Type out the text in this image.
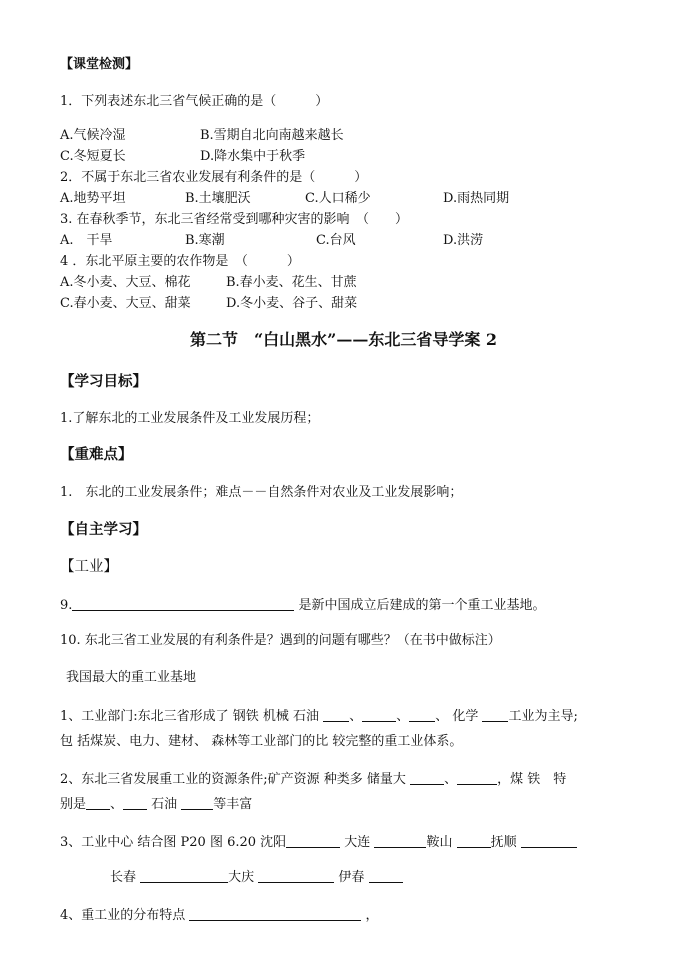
【课堂检测】
1．下列表述东北三省气候正确的是（　　　）
A.气候冷湿	B.雪期自北向南越来越长
C.冬短夏长	D.降水集中于秋季
2．不属于东北三省农业发展有利条件的是（　　　）
A.地势平坦	B.土壤肥沃	C.人口稀少	D.雨热同期
3. 在春秋季节，东北三省经常受到哪种灾害的影响　（　　）
A.　干旱	B.寒潮	C.台风	D.洪涝
4 ．东北平原主要的农作物是　（　　　）
A.冬小麦、大豆、棉花	B.春小麦、花生、甘蔗
C.春小麦、大豆、甜菜	D.冬小麦、谷子、甜菜
第二节　“白山黑水”——东北三省导学案 2
【学习目标】
1.了解东北的工业发展条件及工业发展历程；
【重难点】
1.　东北的工业发展条件；难点－－自然条件对农业及工业发展影响；
【自主学习】
【工业】
9.	是新中国成立后建成的第一个重工业基地。
10. 东北三省工业发展的有利条件是？遇到的问题有哪些？（在书中做标注）
我国最大的重工业基地
1、工业部门:东北三省形成了 钢铁 机械 石油 、	、 、 化学 工业为主导;
包 括煤炭、电力、建材、 森林等工业部门的比 较完整的重工业体系。
2、东北三省发展重工业的资源条件;矿产资源 种类多 储量大	、	，煤 铁　特
别是 、 石油 等丰富
3、工业中心 结合图 P20 图 6.20 沈阳	大连	鞍山	抚顺
长春	大庆	伊春
4、重工业的分布特点	，
